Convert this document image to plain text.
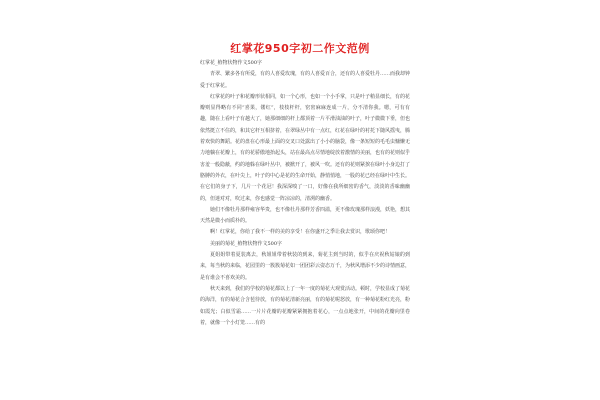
红掌花950字初二作文范例

红掌花_植物状物作文500字

青翠、繁多各有所爱，有的人喜爱玫瑰，有的人喜爱百合，还有的人喜爱牡丹……而我却钟爱于红掌花。

红掌花的叶子和花瓣形状相同，如一个心形，也如一个小手掌，只是叶子稍显细长，有的花瓣则显得略有不同“喜果，镂红”，枝枝杆杆，密密麻麻连成一片，分不清你我。嗯，可有有趣，随在上看叶子有越大了，她那细细的杆上都顶着一片平滑油油的叶子，叶子微微下垂，但也依然挺立不住的，和其它杆互相挤着，在翠绿丛中有一点红，红花在绿叶的衬托下随风摇曳，腾着欢快的舞蹈。花的盘在心形最上面的交叉口处露出了小小的脑袋，像一条短短的毛毛虫慵懒无力地躺在花瓣上，有的花骄傲地抬起头，站在最高点尽情地绽放着激情的美丽，也有的花则似乎害羞一般隐蔽，约的地躲在绿叶丛中，被掀开了，被风一吹。还有的花则紧挨在绿叶小身边打了胳膊的外衣，在叶尖上，叶子的中心是花的生命开始，静悄悄地，一股的花已经在绿叶中生长。在它们的身子下，几片一个花冠！我深深嗅了一口，好像在我所细密的香气，淡淡的香味幽幽的，但迷对对，吹过来，你也感觉一阵凉凉的，清冽的幽香。

她们不像牡丹那样雍容华贵，也不像杜丹那样芳香四溢，更不像玫瑰那样浪漫，妖艳，想其天然是微小而质朴的。

啊！红掌花，你给了我不一样的美的享受！在你盛开之季让我去赏识，歌颂你吧！

美丽的菊花_植物状物作文500字

夏姐姐带着夏装离去，秋姐姐带着秋装的到来，菊花主到当时的，似乎在庆祝秋姑娘的到来，每当秋的来临，花园里的一簇簇菊花如一团团彩云姿态万千，为秋风增添不少的诗情画意，是有谁会不喜欢美的。

秋天来到，我们的学校的菊花都以上了一年一度的菊花大观赏活动。顿时，学校显成了菊花的海洋，有的菊花合含苞待放，有的菊花清新亮丽，有的菊花呢怒放，有一种菊花粉红光亮，粉如霞光；白似雪霜……一片片花瓣的花瓣紧紧拥抱着花心，一点点地张开，中间的花瓣向里卷着，就像一个小灯笼……有的
